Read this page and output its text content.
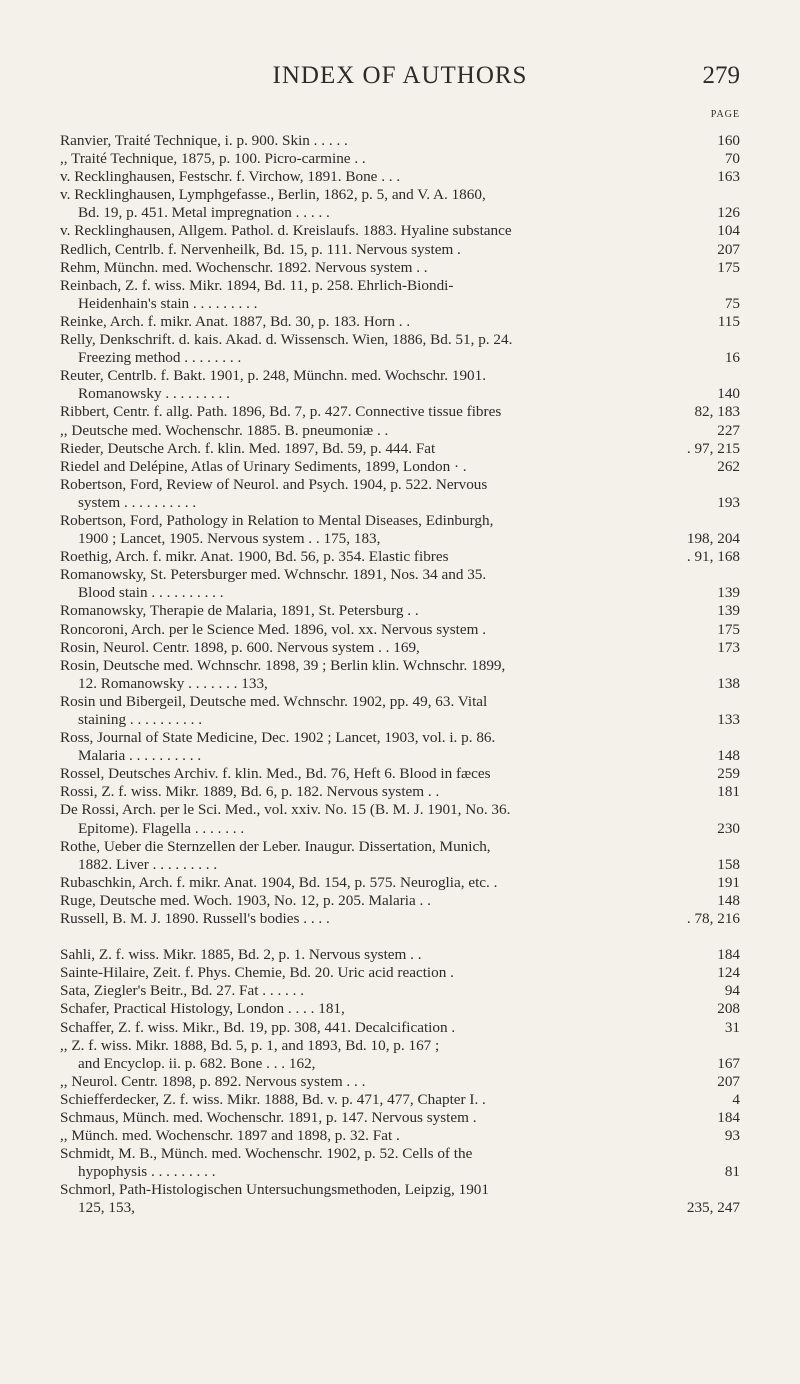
INDEX OF AUTHORS	279
PAGE
Ranvier, Traité Technique, i. p. 900. Skin . . . . .	160
,, Traité Technique, 1875, p. 100. Picro-carmine . .	70
v. Recklinghausen, Festschr. f. Virchow, 1891. Bone . . .	163
v. Recklinghausen, Lymphgefasse., Berlin, 1862, p. 5, and V. A. 1860,
Bd. 19, p. 451. Metal impregnation . . . . .	126
v. Recklinghausen, Allgem. Pathol. d. Kreislaufs. 1883. Hyaline substance	104
Redlich, Centrlb. f. Nervenheilk, Bd. 15, p. 111. Nervous system .	207
Rehm, Münchn. med. Wochenschr. 1892. Nervous system . .	175
Reinbach, Z. f. wiss. Mikr. 1894, Bd. 11, p. 258. Ehrlich-Biondi-
Heidenhain's stain . . . . . . . . .	75
Reinke, Arch. f. mikr. Anat. 1887, Bd. 30, p. 183. Horn . .	115
Relly, Denkschrift. d. kais. Akad. d. Wissensch. Wien, 1886, Bd. 51, p. 24.
Freezing method . . . . . . . .	16
Reuter, Centrlb. f. Bakt. 1901, p. 248, Münchn. med. Wochschr. 1901.
Romanowsky . . . . . . . . .	140
Ribbert, Centr. f. allg. Path. 1896, Bd. 7, p. 427. Connective tissue fibres	82, 183
,, Deutsche med. Wochenschr. 1885. B. pneumoniæ . .	227
Rieder, Deutsche Arch. f. klin. Med. 1897, Bd. 59, p. 444. Fat	. 97, 215
Riedel and Delépine, Atlas of Urinary Sediments, 1899, London · .	262
Robertson, Ford, Review of Neurol. and Psych. 1904, p. 522. Nervous
system . . . . . . . . . .	193
Robertson, Ford, Pathology in Relation to Mental Diseases, Edinburgh,
1900 ; Lancet, 1905. Nervous system . . 175, 183,	198, 204
Roethig, Arch. f. mikr. Anat. 1900, Bd. 56, p. 354. Elastic fibres	. 91, 168
Romanowsky, St. Petersburger med. Wchnschr. 1891, Nos. 34 and 35.
Blood stain . . . . . . . . . .	139
Romanowsky, Therapie de Malaria, 1891, St. Petersburg . .	139
Roncoroni, Arch. per le Science Med. 1896, vol. xx. Nervous system .	175
Rosin, Neurol. Centr. 1898, p. 600. Nervous system . . 169,	173
Rosin, Deutsche med. Wchnschr. 1898, 39 ; Berlin klin. Wchnschr. 1899,
12. Romanowsky . . . . . . . 133,	138
Rosin und Bibergeil, Deutsche med. Wchnschr. 1902, pp. 49, 63. Vital
staining . . . . . . . . . .	133
Ross, Journal of State Medicine, Dec. 1902 ; Lancet, 1903, vol. i. p. 86.
Malaria . . . . . . . . . .	148
Rossel, Deutsches Archiv. f. klin. Med., Bd. 76, Heft 6. Blood in fæces	259
Rossi, Z. f. wiss. Mikr. 1889, Bd. 6, p. 182. Nervous system . .	181
De Rossi, Arch. per le Sci. Med., vol. xxiv. No. 15 (B. M. J. 1901, No. 36.
Epitome). Flagella . . . . . . .	230
Rothe, Ueber die Sternzellen der Leber. Inaugur. Dissertation, Munich,
1882. Liver . . . . . . . . .	158
Rubaschkin, Arch. f. mikr. Anat. 1904, Bd. 154, p. 575. Neuroglia, etc. .	191
Ruge, Deutsche med. Woch. 1903, No. 12, p. 205. Malaria . .	148
Russell, B. M. J. 1890. Russell's bodies . . . .	. 78, 216
Sahli, Z. f. wiss. Mikr. 1885, Bd. 2, p. 1. Nervous system . .	184
Sainte-Hilaire, Zeit. f. Phys. Chemie, Bd. 20. Uric acid reaction .	124
Sata, Ziegler's Beitr., Bd. 27. Fat . . . . . .	94
Schafer, Practical Histology, London . . . . 181,	208
Schaffer, Z. f. wiss. Mikr., Bd. 19, pp. 308, 441. Decalcification .	31
,, Z. f. wiss. Mikr. 1888, Bd. 5, p. 1, and 1893, Bd. 10, p. 167 ;
and Encyclop. ii. p. 682. Bone . . . 162,	167
,, Neurol. Centr. 1898, p. 892. Nervous system . . .	207
Schiefferdecker, Z. f. wiss. Mikr. 1888, Bd. v. p. 471, 477, Chapter I. .	4
Schmaus, Münch. med. Wochenschr. 1891, p. 147. Nervous system .	184
,, Münch. med. Wochenschr. 1897 and 1898, p. 32. Fat .	93
Schmidt, M. B., Münch. med. Wochenschr. 1902, p. 52. Cells of the
hypophysis . . . . . . . . .	81
Schmorl, Path-Histologischen Untersuchungsmethoden, Leipzig, 1901
125, 153,	235, 247
